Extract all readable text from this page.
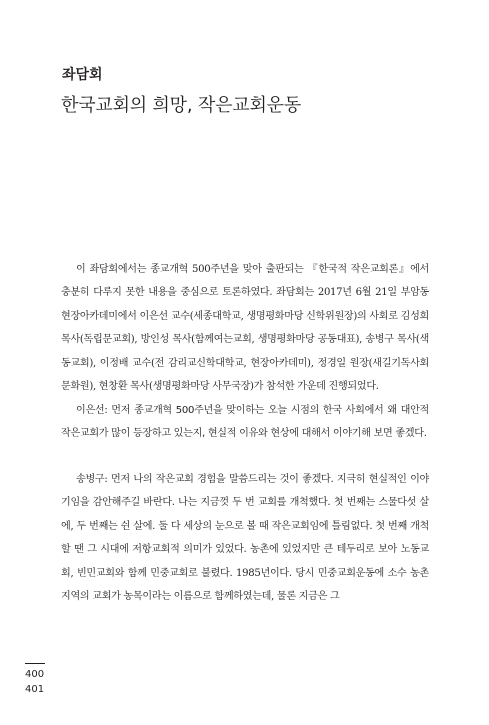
좌담회
한국교회의 희망, 작은교회운동

이 좌담회에서는 종교개혁 500주년을 맞아 출판되는 『한국적 작은교회론』에서 충분히 다루지 못한 내용을 중심으로 토론하였다. 좌담회는 2017년 6월 21일 부암동 현장아카데미에서 이은선 교수(세종대학교, 생명평화마당 신학위원장)의 사회로 김성희 목사(독립문교회), 방인성 목사(함께여는교회, 생명평화마당 공동대표), 송병구 목사(색동교회), 이정배 교수(전 감리교신학대학교, 현장아카데미), 정경일 원장(새길기독사회문화원), 현창환 목사(생명평화마당 사무국장)가 참석한 가운데 진행되었다.

이은선: 먼저 종교개혁 500주년을 맞이하는 오늘 시점의 한국 사회에서 왜 대안적 작은교회가 많이 등장하고 있는지, 현실적 이유와 현상에 대해서 이야기해 보면 좋겠다.

송병구: 먼저 나의 작은교회 경험을 말씀드리는 것이 좋겠다. 지극히 현실적인 이야기임을 감안해주길 바란다. 나는 지금껏 두 번 교회를 개척했다. 첫 번째는 스물다섯 살에, 두 번째는 쉰 살에. 둘 다 세상의 눈으로 볼 때 작은교회임에 틀림없다. 첫 번째 개척할 땐 그 시대에 저항교회적 의미가 있었다. 농촌에 있었지만 큰 테두리로 보아 노동교회, 빈민교회와 함께 민중교회로 불렸다. 1985년이다. 당시 민중교회운동에 소수 농촌 지역의 교회가 농목이라는 이름으로 함께하였는데, 물론 지금은 그

400
401
